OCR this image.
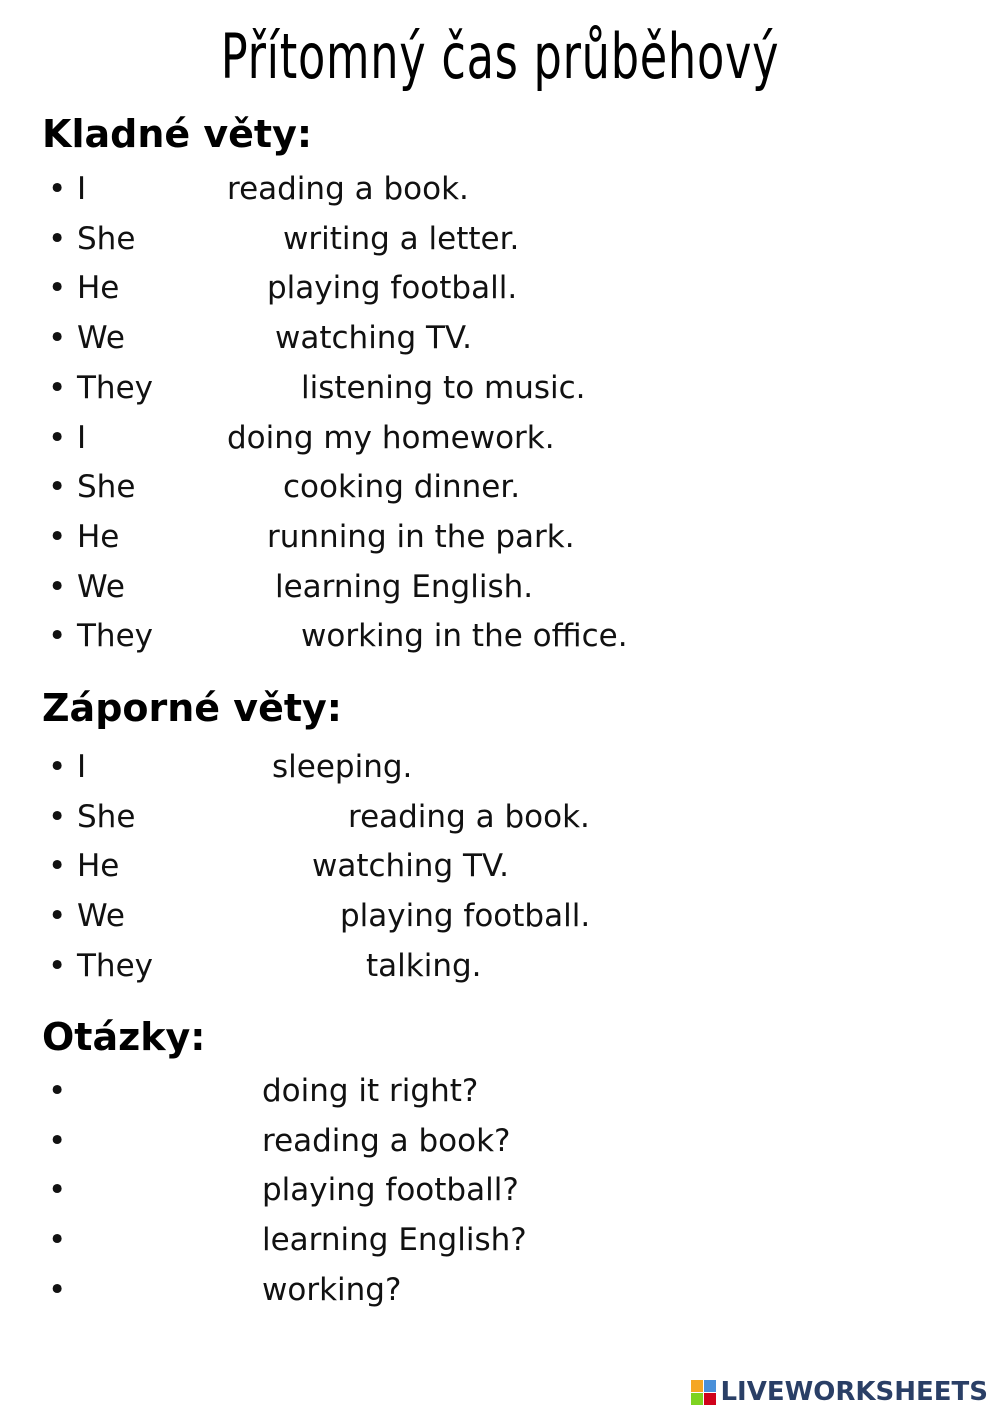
Přítomný čas průběhový
Kladné věty:
• I	reading a book.
• She	writing a letter.
• He	playing football.
• We	watching TV.
• They	listening to music.
• I	doing my homework.
• She	cooking dinner.
• He	running in the park.
• We	learning English.
• They	working in the office.
Záporné věty:
• I	sleeping.
• She	reading a book.
• He	watching TV.
• We	playing football.
• They	talking.
Otázky:
•	doing it right?
•	reading a book?
•	playing football?
•	learning English?
•	working?
LIVEWORKSHEETS
